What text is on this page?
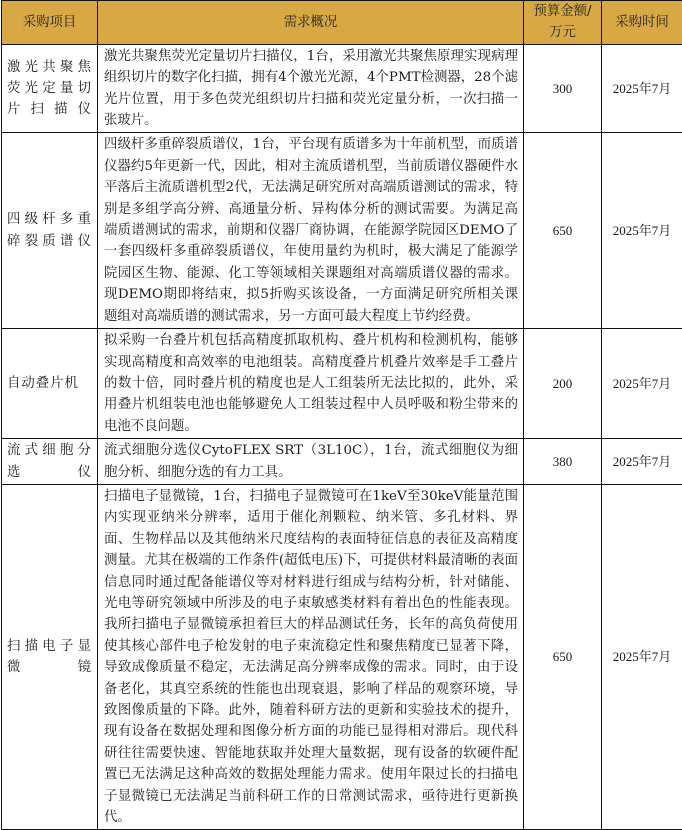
采购项目	需求概况	预算金额/万元	采购时间
激光共聚焦荧光定量切片扫描仪	激光共聚焦荧光定量切片扫描仪，1台，采用激光共聚焦原理实现病理组织切片的数字化扫描，拥有4个激光光源，4个PMT检测器，28个滤光片位置，用于多色荧光组织切片扫描和荧光定量分析，一次扫描一张玻片。	300	2025年7月
四级杆多重碎裂质谱仪	四级杆多重碎裂质谱仪，1台，平台现有质谱多为十年前机型，而质谱仪器约5年更新一代，因此，相对主流质谱机型，当前质谱仪器硬件水平落后主流质谱机型2代，无法满足研究所对高端质谱测试的需求，特别是多组学高分辨、高通量分析、异构体分析的测试需要。为满足高端质谱测试的需求，前期和仪器厂商协调，在能源学院园区DEMO了一套四级杆多重碎裂质谱仪，年使用量约为机时，极大满足了能源学院园区生物、能源、化工等领域相关课题组对高端质谱仪器的需求。现DEMO期即将结束，拟5折购买该设备，一方面满足研究所相关课题组对高端质谱的测试需求，另一方面可最大程度上节约经费。	650	2025年7月
自动叠片机	拟采购一台叠片机包括高精度抓取机构、叠片机构和检测机构，能够实现高精度和高效率的电池组装。高精度叠片机叠片效率是手工叠片的数十倍，同时叠片机的精度也是人工组装所无法比拟的，此外，采用叠片机组装电池也能够避免人工组装过程中人员呼吸和粉尘带来的电池不良问题。	200	2025年7月
流式细胞分选仪	流式细胞分选仪CytoFLEX SRT（3L10C），1台，流式细胞仪为细胞分析、细胞分选的有力工具。	380	2025年7月
扫描电子显微镜	扫描电子显微镜，1台，扫描电子显微镜可在1keV至30keV能量范围内实现亚纳米分辨率，适用于催化剂颗粒、纳米管、多孔材料、界面、生物样品以及其他纳米尺度结构的表面特征信息的表征及高精度测量。尤其在极端的工作条件(超低电压)下，可提供材料最清晰的表面信息同时通过配备能谱仪等对材料进行组成与结构分析，针对储能、光电等研究领域中所涉及的电子束敏感类材料有着出色的性能表现。我所扫描电子显微镜承担着巨大的样品测试任务，长年的高负荷使用使其核心部件电子枪发射的电子束流稳定性和聚焦精度已显著下降，导致成像质量不稳定，无法满足高分辨率成像的需求。同时，由于设备老化，其真空系统的性能也出现衰退，影响了样品的观察环境，导致图像质量的下降。此外，随着科研方法的更新和实验技术的提升，现有设备在数据处理和图像分析方面的功能已显得相对滞后。现代科研往往需要快速、智能地获取并处理大量数据，现有设备的软硬件配置已无法满足这种高效的数据处理能力需求。使用年限过长的扫描电子显微镜已无法满足当前科研工作的日常测试需求，亟待进行更新换代。	650	2025年7月
